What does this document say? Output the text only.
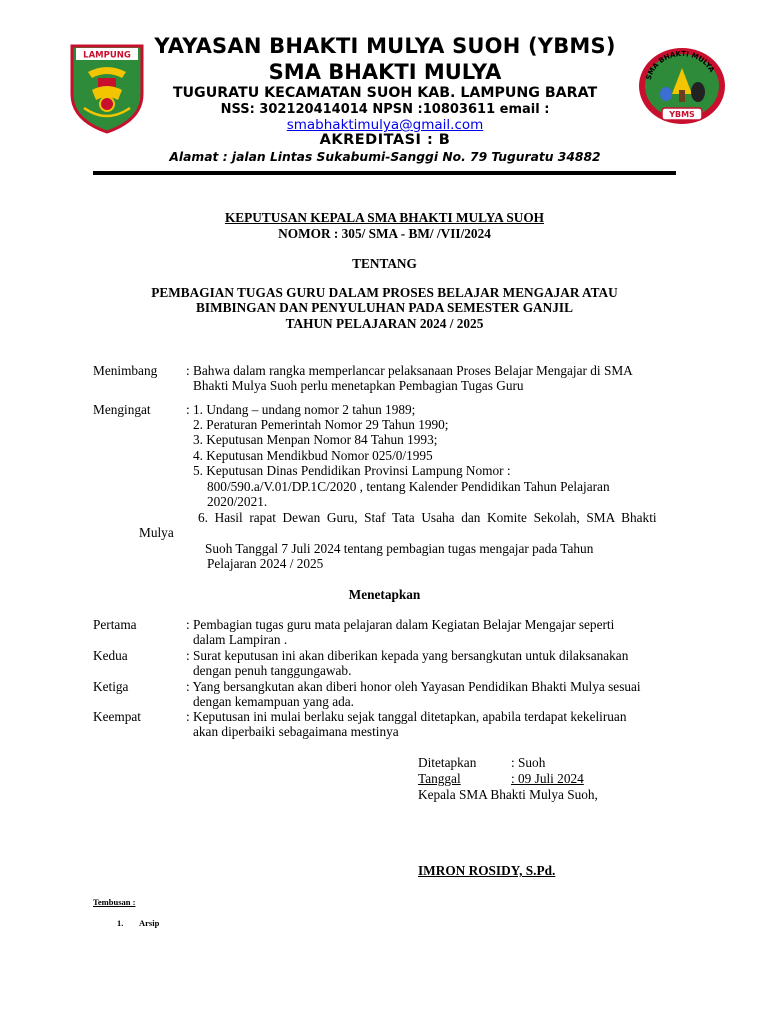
LAMPUNG
SMA BHAKTI MULYA
YBMS
YAYASAN BHAKTI MULYA SUOH (YBMS)
SMA BHAKTI MULYA
TUGURATU KECAMATAN SUOH KAB. LAMPUNG BARAT
NSS: 302120414014 NPSN :10803611 email :
smabhaktimulya@gmail.com
AKREDITASI : B
Alamat : jalan Lintas Sukabumi-Sanggi No. 79 Tuguratu 34882
KEPUTUSAN KEPALA SMA BHAKTI MULYA SUOH
NOMOR : 305/ SMA - BM/ /VII/2024
TENTANG
PEMBAGIAN TUGAS GURU DALAM PROSES BELAJAR MENGAJAR ATAU
BIMBINGAN DAN PENYULUHAN PADA SEMESTER GANJIL
TAHUN PELAJARAN 2024 / 2025
Menimbang : Bahwa dalam rangka memperlancar pelaksanaan Proses Belajar Mengajar di SMA
Bhakti Mulya Suoh perlu menetapkan Pembagian Tugas Guru
Mengingat	: 1. Undang – undang nomor 2 tahun 1989;
2. Peraturan Pemerintah Nomor 29 Tahun 1990;
3. Keputusan Menpan Nomor 84 Tahun 1993;
4. Keputusan Mendikbud Nomor 025/0/1995
5. Keputusan Dinas Pendidikan Provinsi Lampung Nomor :
800/590.a/V.01/DP.1C/2020 , tentang Kalender Pendidikan Tahun Pelajaran
2020/2021.
6.  Hasil  rapat  Dewan  Guru,  Staf  Tata  Usaha  dan  Komite  Sekolah,  SMA  Bhakti
Mulya
Suoh Tanggal 7 Juli 2024 tentang pembagian tugas mengajar pada Tahun
Pelajaran 2024 / 2025
Menetapkan
Pertama	: Pembagian tugas guru mata pelajaran dalam Kegiatan Belajar Mengajar seperti
dalam Lampiran .
Kedua	: Surat keputusan ini akan diberikan kepada yang bersangkutan untuk dilaksanakan
dengan penuh tanggungawab.
Ketiga	: Yang bersangkutan akan diberi honor oleh Yayasan Pendidikan Bhakti Mulya sesuai
dengan kemampuan yang ada.
Keempat	: Keputusan ini mulai berlaku sejak tanggal ditetapkan, apabila terdapat kekeliruan
akan diperbaiki sebagaimana mestinya
Ditetapkan	: Suoh
Tanggal	: 09 Juli 2024
Kepala SMA Bhakti Mulya Suoh,
IMRON ROSIDY, S.Pd.
Tembusan :
1. Arsip
